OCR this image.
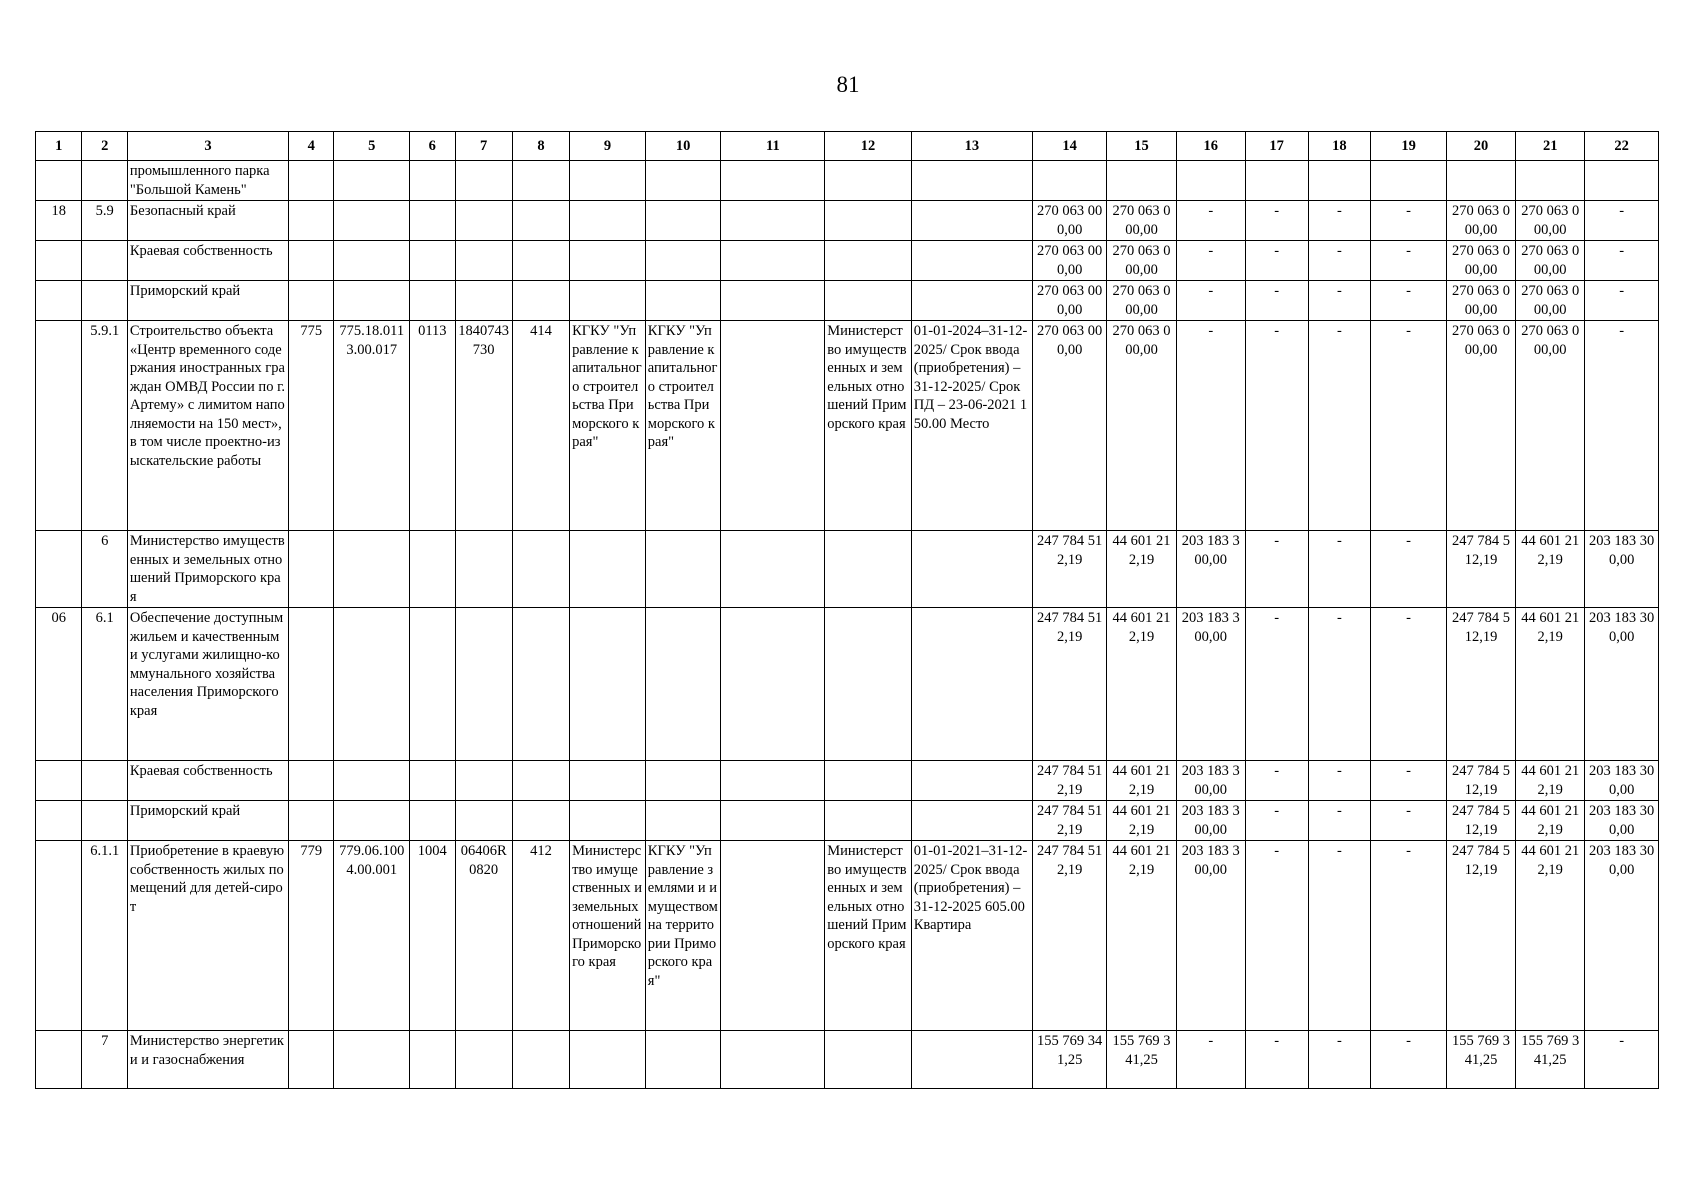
81
1	2	3	4	5	6	7	8	9	10	11	12	13	14	15	16	17	18	19	20	21	22
		промышленного парка "Большой Камень"																			
18	5.9	Безопасный край											270 063 000,00	270 063 000,00	-	-	-	-	270 063 000,00	270 063 000,00	-
		Краевая собственность											270 063 000,00	270 063 000,00	-	-	-	-	270 063 000,00	270 063 000,00	-
		Приморский край											270 063 000,00	270 063 000,00	-	-	-	-	270 063 000,00	270 063 000,00	-
	5.9.1	Строительство объекта «Центр временного содержания иностранных граждан ОМВД России по г. Артему» с лимитом наполняемости на 150 мест», в том числе проектно-изыскательские работы	775	775.18.0113.00.017	0113	1840743730	414	КГКУ "Управление капитального строительства Приморского края"	КГКУ "Управление капитального строительства Приморского края"		Министерство имущественных и земельных отношений Приморского края	01-01-2024–31-12-2025/ Срок ввода (приобретения) – 31-12-2025/ Срок ПД – 23-06-2021 150.00 Место	270 063 000,00	270 063 000,00	-	-	-	-	270 063 000,00	270 063 000,00	-
	6	Министерство имущественных и земельных отношений Приморского края											247 784 512,19	44 601 212,19	203 183 300,00	-	-	-	247 784 512,19	44 601 212,19	203 183 300,00
06	6.1	Обеспечение доступным жильем и качественными услугами жилищно-коммунального хозяйства населения Приморского края											247 784 512,19	44 601 212,19	203 183 300,00	-	-	-	247 784 512,19	44 601 212,19	203 183 300,00
		Краевая собственность											247 784 512,19	44 601 212,19	203 183 300,00	-	-	-	247 784 512,19	44 601 212,19	203 183 300,00
		Приморский край											247 784 512,19	44 601 212,19	203 183 300,00	-	-	-	247 784 512,19	44 601 212,19	203 183 300,00
	6.1.1	Приобретение в краевую собственность жилых помещений для детей-сирот	779	779.06.1004.00.001	1004	06406R0820	412	Министерство имущественных и земельных отношений Приморского края	КГКУ "Управление землями и имуществом на территории Приморского края"		Министерство имущественных и земельных отношений Приморского края	01-01-2021–31-12-2025/ Срок ввода (приобретения) – 31-12-2025 605.00 Квартира	247 784 512,19	44 601 212,19	203 183 300,00	-	-	-	247 784 512,19	44 601 212,19	203 183 300,00
	7	Министерство энергетики и газоснабжения											155 769 341,25	155 769 341,25	-	-	-	-	155 769 341,25	155 769 341,25	-
